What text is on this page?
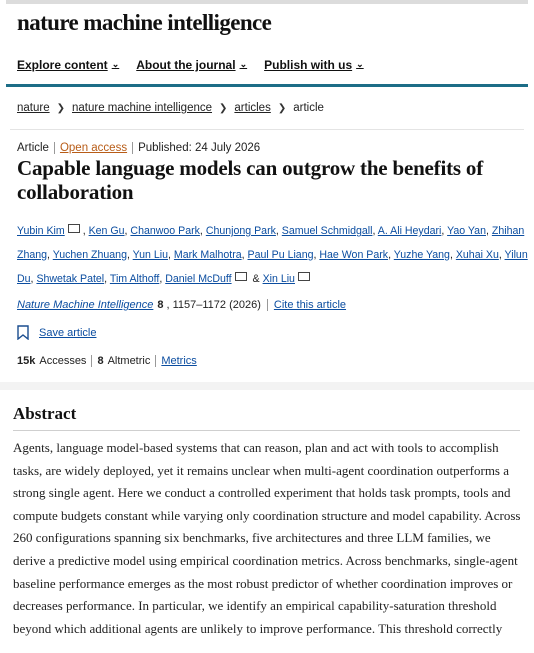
nature machine intelligence
Explore content ⌄ About the journal ⌄ Publish with us ⌄
nature ❯ nature machine intelligence ❯ articles ❯ article
Article Open access Published: 24 July 2026
Capable language models can outgrow the benefits of collaboration
Yubin Kim , Ken Gu, Chanwoo Park, Chunjong Park, Samuel Schmidgall, A. Ali Heydari, Yao Yan, Zhihan Zhang, Yuchen Zhuang, Yun Liu, Mark Malhotra, Paul Pu Liang, Hae Won Park, Yuzhe Yang, Xuhai Xu, Yilun Du, Shwetak Patel, Tim Althoff, Daniel McDuff & Xin Liu
Nature Machine Intelligence 8 , 1157–1172 (2026) Cite this article
Save article
15k Accesses 8 Altmetric Metrics
Abstract

Agents, language model-based systems that can reason, plan and act with tools to accomplish tasks, are widely deployed, yet it remains unclear when multi-agent coordination outperforms a strong single agent. Here we conduct a controlled experiment that holds task prompts, tools and compute budgets constant while varying only coordination structure and model capability. Across 260 configurations spanning six benchmarks, five architectures and three LLM families, we derive a predictive model using empirical coordination metrics. Across benchmarks, single-agent baseline performance emerges as the most robust predictor of whether coordination improves or decreases performance. In particular, we identify an empirical capability-saturation threshold beyond which additional agents are unlikely to improve performance. This threshold correctly
